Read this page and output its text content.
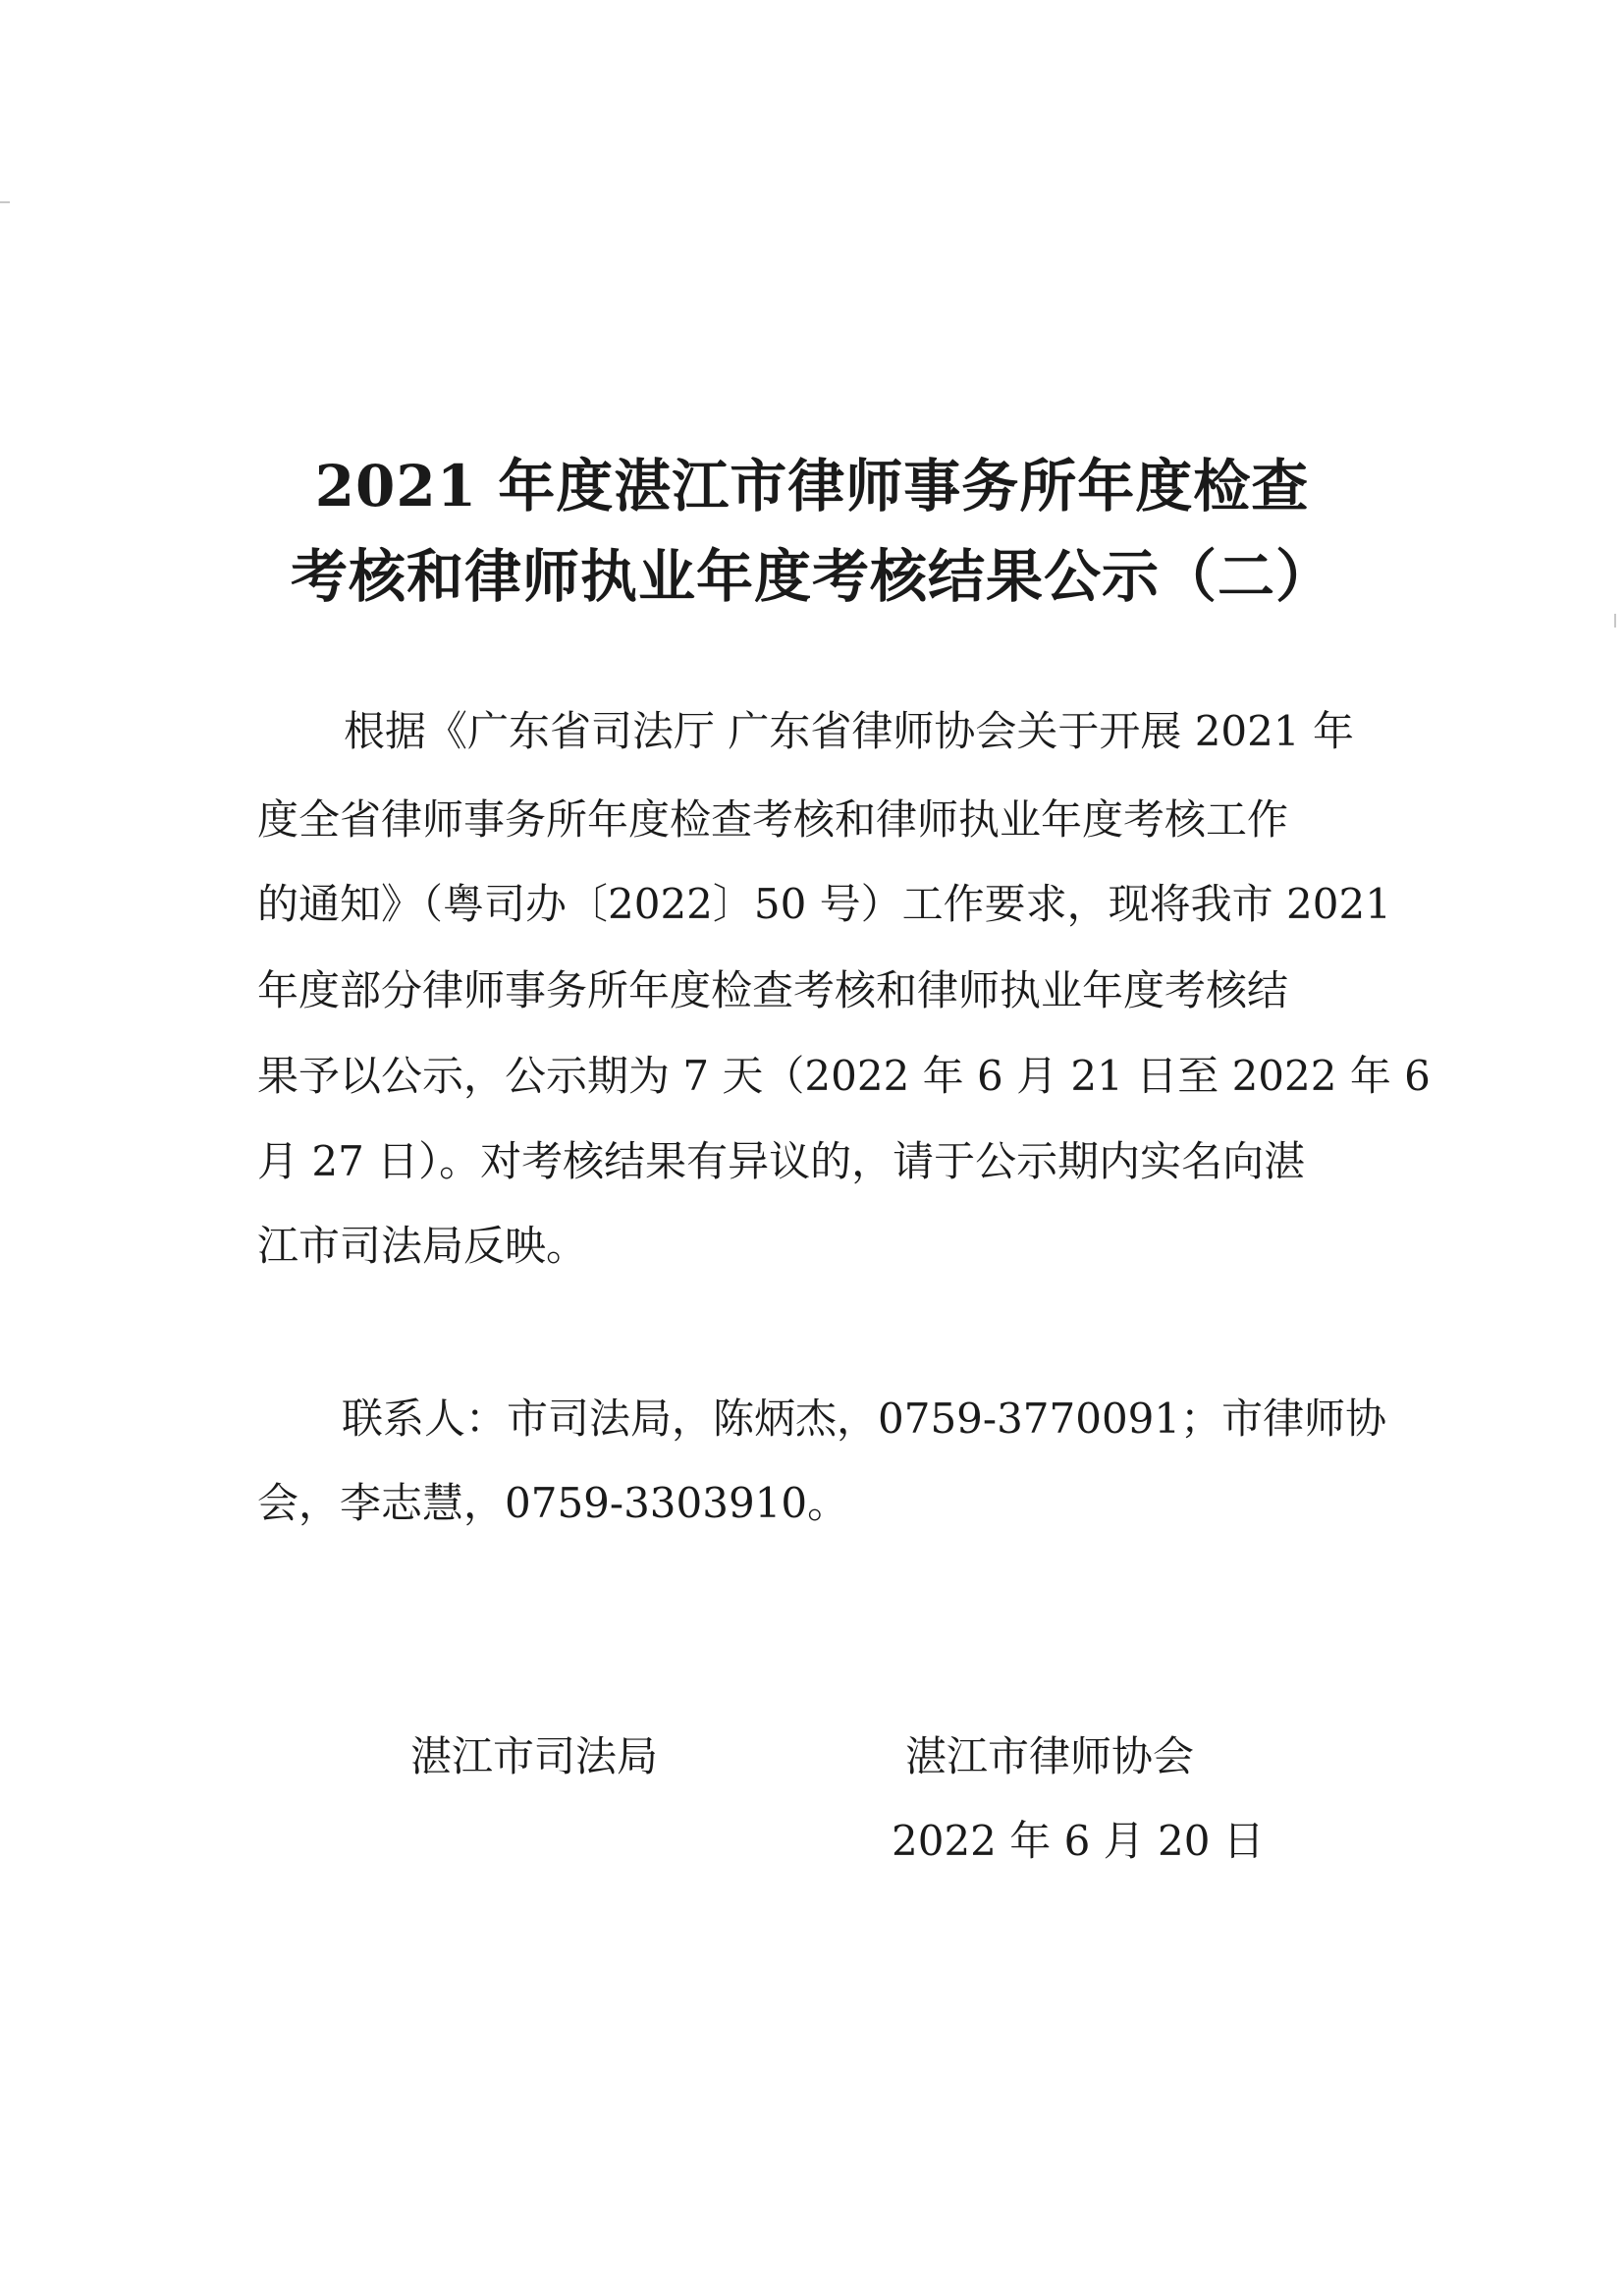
2021 年度湛江市律师事务所年度检查
考核和律师执业年度考核结果公示（二）
根据《广东省司法厅 广东省律师协会关于开展 2021 年
度全省律师事务所年度检查考核和律师执业年度考核工作
的通知》（粤司办〔2022〕50 号）工作要求，现将我市 2021
年度部分律师事务所年度检查考核和律师执业年度考核结
果予以公示，公示期为 7 天（2022 年 6 月 21 日至 2022 年 6
月 27 日）。对考核结果有异议的，请于公示期内实名向湛
江市司法局反映。
联系人：市司法局，陈炳杰，0759-3770091；市律师协
会，李志慧，0759-3303910。
湛江市司法局	湛江市律师协会
2022 年 6 月 20 日
